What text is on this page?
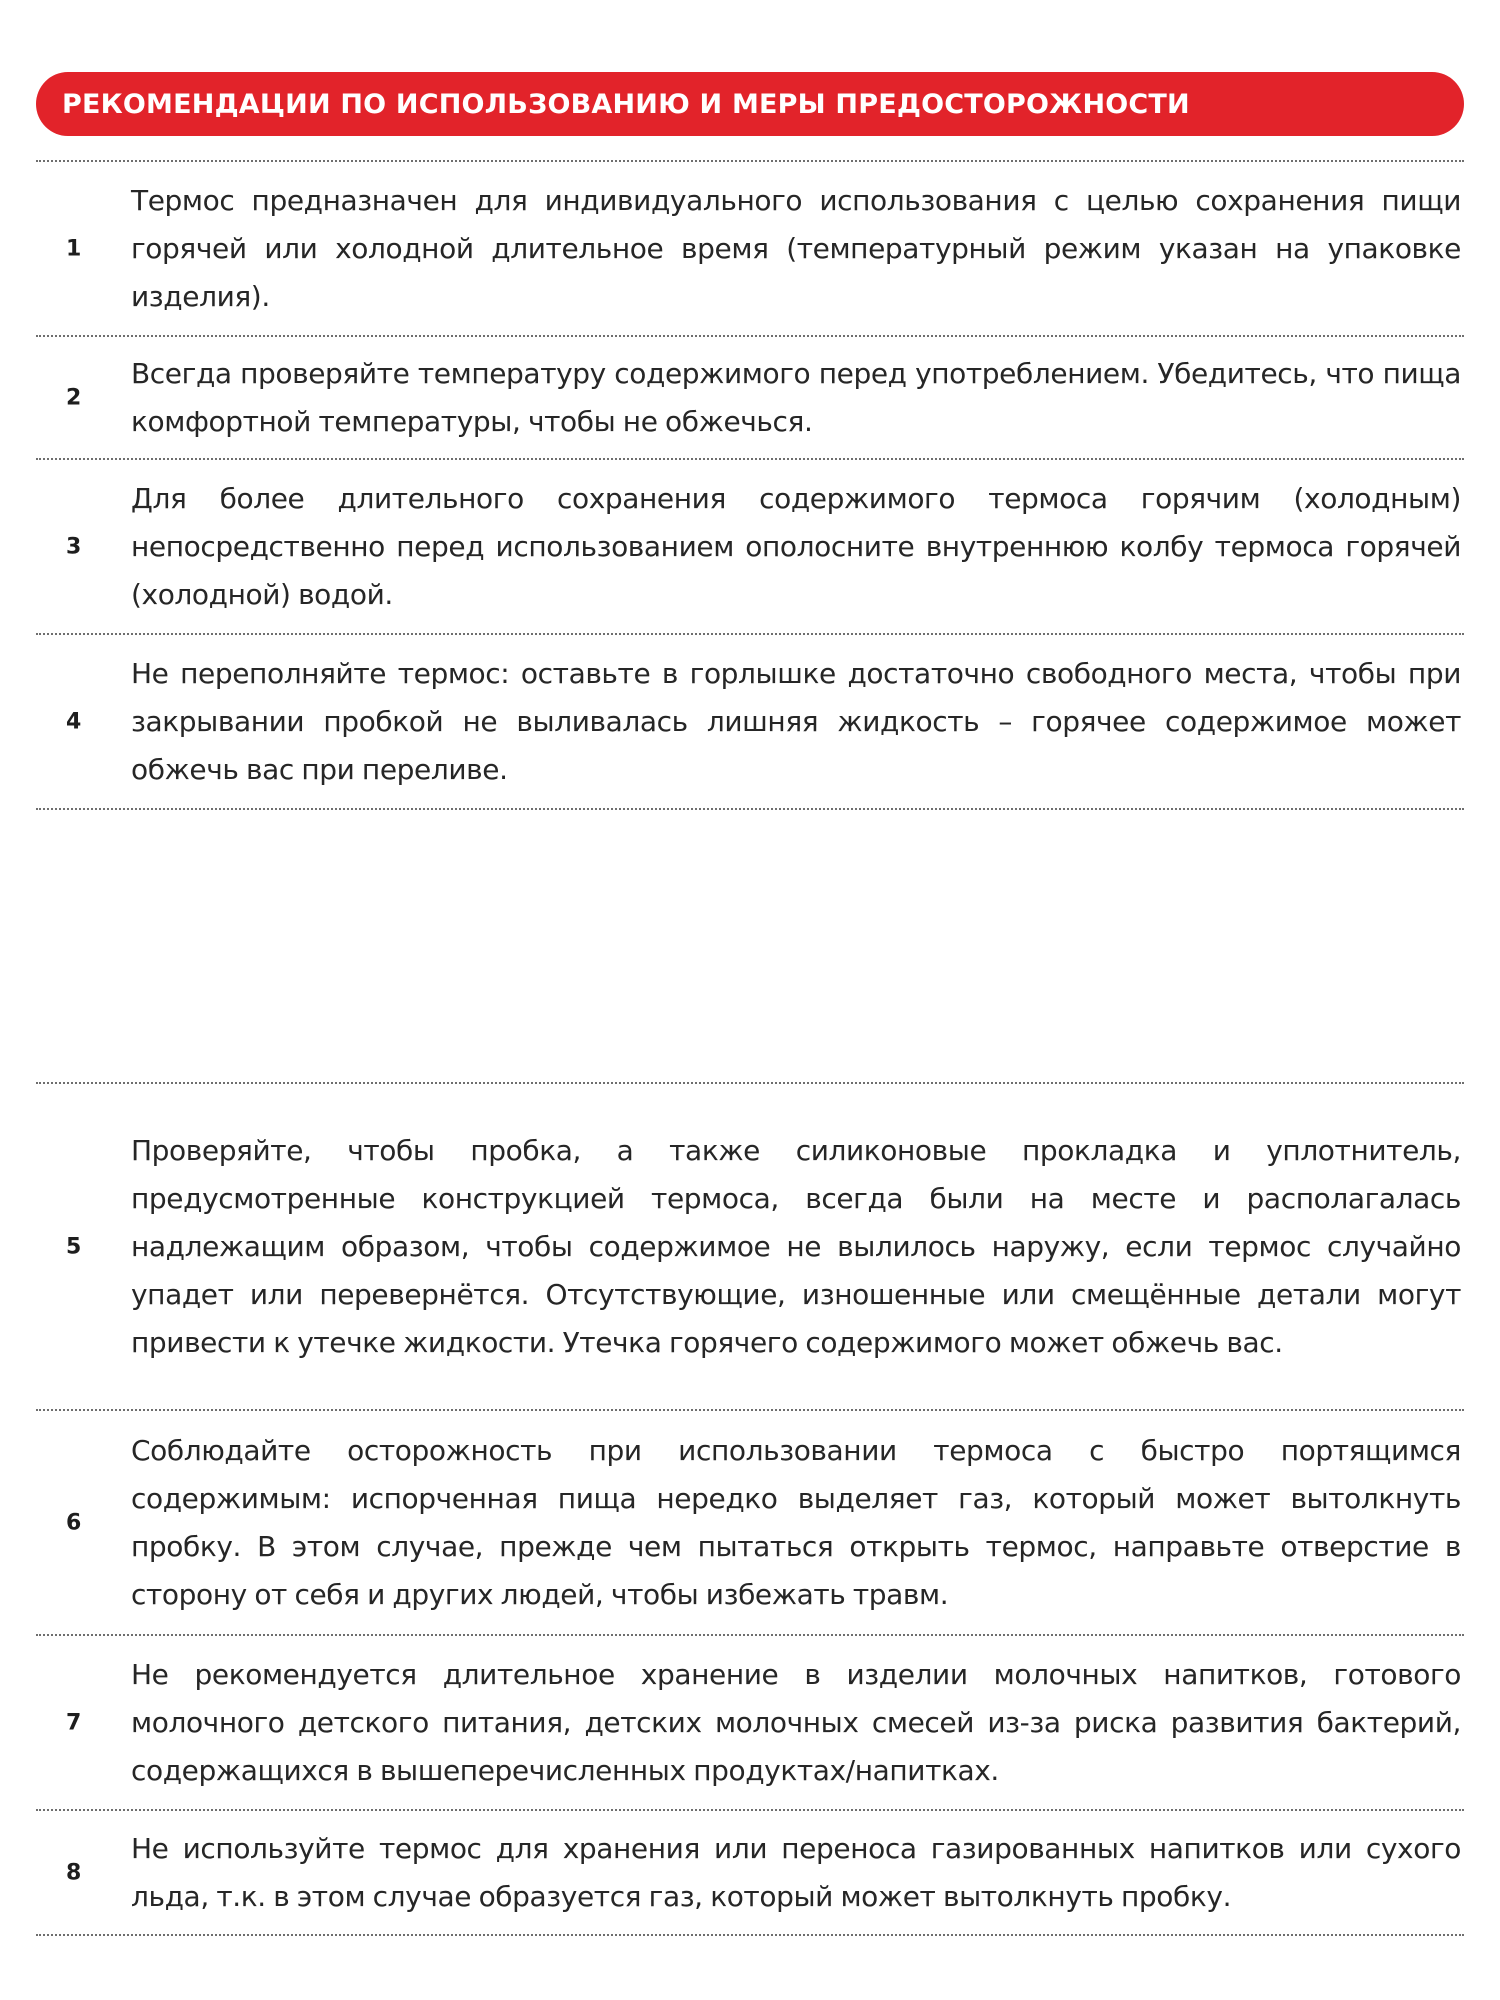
РЕКОМЕНДАЦИИ ПО ИСПОЛЬЗОВАНИЮ И МЕРЫ ПРЕДОСТОРОЖНОСТИ
1

Термос предназначен для индивидуального использования с целью сохранения пищи горячей или холодной длительное время (температурный режим указан на упаковке изделия).

2

Всегда проверяйте температуру содержимого перед употреблением. Убедитесь, что пища комфортной температуры, чтобы не обжечься.

3

Для более длительного сохранения содержимого термоса горячим (холодным) непосредственно перед использованием ополосните внутреннюю колбу термоса горячей (холодной) водой.

4

Не переполняйте термос: оставьте в горлышке достаточно свободного места, чтобы при закрывании пробкой не выливалась лишняя жидкость – горячее содержимое может обжечь вас при переливе.

5

Проверяйте, чтобы пробка, а также силиконовые прокладка и уплотнитель, предусмотренные конструкцией термоса, всегда были на месте и располагалась надлежащим образом, чтобы содержимое не вылилось наружу, если термос случайно упадет или перевернётся. Отсутствующие, изношенные или смещённые детали могут привести к утечке жидкости. Утечка горячего содержимого может обжечь вас.

6

Соблюдайте осторожность при использовании термоса с быстро портящимся содержимым: испорченная пища нередко выделяет газ, который может вытолкнуть пробку. В этом случае, прежде чем пытаться открыть термос, направьте отверстие в сторону от себя и других людей, чтобы избежать травм.

7

Не рекомендуется длительное хранение в изделии молочных напитков, готового молочного детского питания, детских молочных смесей из-за риска развития бактерий, содержащихся в вышеперечисленных продуктах/напитках.

8

Не используйте термос для хранения или переноса газированных напитков или сухого льда, т.к. в этом случае образуется газ, который может вытолкнуть пробку.
